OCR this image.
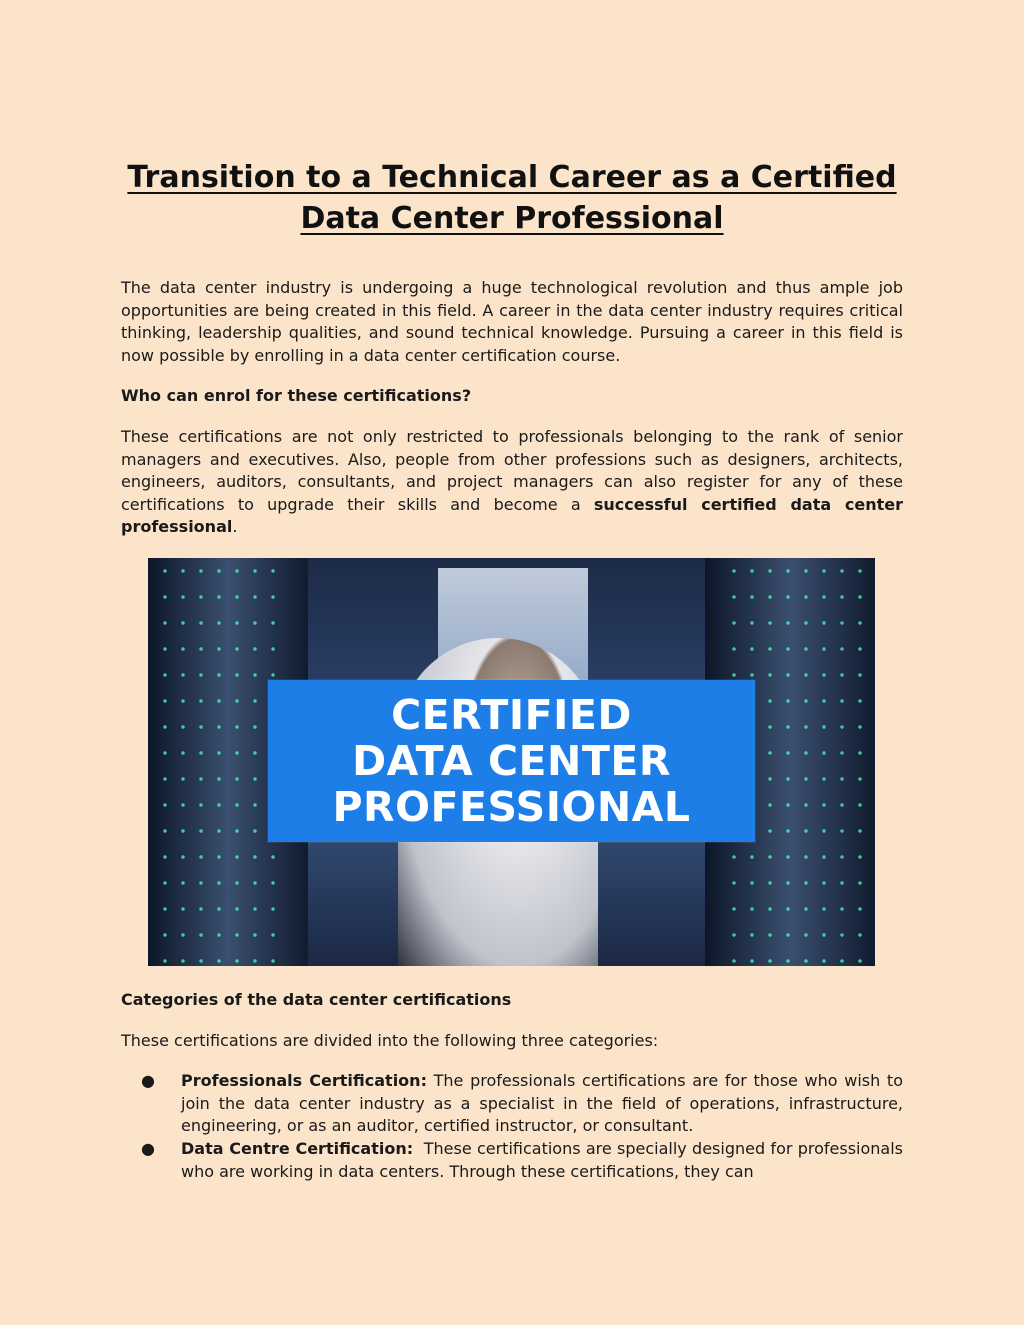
Transition to a Technical Career as a Certified Data Center Professional

The data center industry is undergoing a huge technological revolution and thus ample job opportunities are being created in this field. A career in the data center industry requires critical thinking, leadership qualities, and sound technical knowledge. Pursuing a career in this field is now possible by enrolling in a data center certification course.

Who can enrol for these certifications?

These certifications are not only restricted to professionals belonging to the rank of senior managers and executives. Also, people from other professions such as designers, architects, engineers, auditors, consultants, and project managers can also register for any of these certifications to upgrade their skills and become a successful certified data center professional.

CERTIFIED
DATA CENTER
PROFESSIONAL

Categories of the data center certifications

These certifications are divided into the following three categories:

● Professionals Certification: The professionals certifications are for those who wish to join the data center industry as a specialist in the field of operations, infrastructure, engineering, or as an auditor, certified instructor, or consultant.
● Data Centre Certification:  These certifications are specially designed for professionals who are working in data centers. Through these certifications, they can
